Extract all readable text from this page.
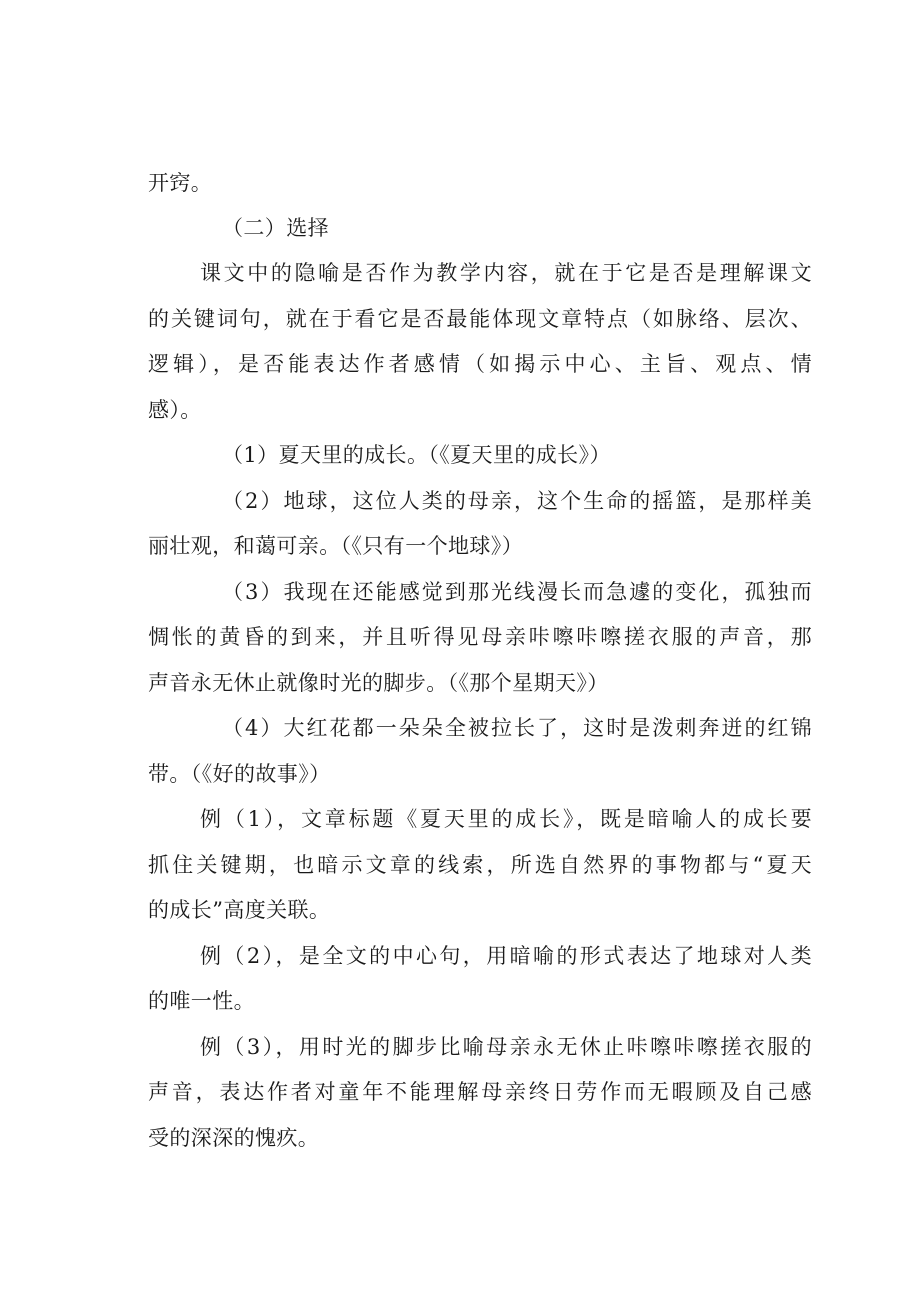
开窍。
（二）选择
课文中的隐喻是否作为教学内容，就在于它是否是理解课文
的关键词句，就在于看它是否最能体现文章特点（如脉络、层次、
逻辑），是否能表达作者感情（如揭示中心、主旨、观点、情
感）。
（1）夏天里的成长。（《夏天里的成长》）
（2）地球，这位人类的母亲，这个生命的摇篮，是那样美
丽壮观，和蔼可亲。（《只有一个地球》）
（3）我现在还能感觉到那光线漫长而急遽的变化，孤独而
惆怅的黄昏的到来，并且听得见母亲咔嚓咔嚓搓衣服的声音，那
声音永无休止就像时光的脚步。（《那个星期天》）
（4）大红花都一朵朵全被拉长了，这时是泼刺奔迸的红锦
带。（《好的故事》）
例（1），文章标题《夏天里的成长》，既是暗喻人的成长要
抓住关键期，也暗示文章的线索，所选自然界的事物都与“夏天
的成长”高度关联。
例（2），是全文的中心句，用暗喻的形式表达了地球对人类
的唯一性。
例（3），用时光的脚步比喻母亲永无休止咔嚓咔嚓搓衣服的
声音，表达作者对童年不能理解母亲终日劳作而无暇顾及自己感
受的深深的愧疚。
